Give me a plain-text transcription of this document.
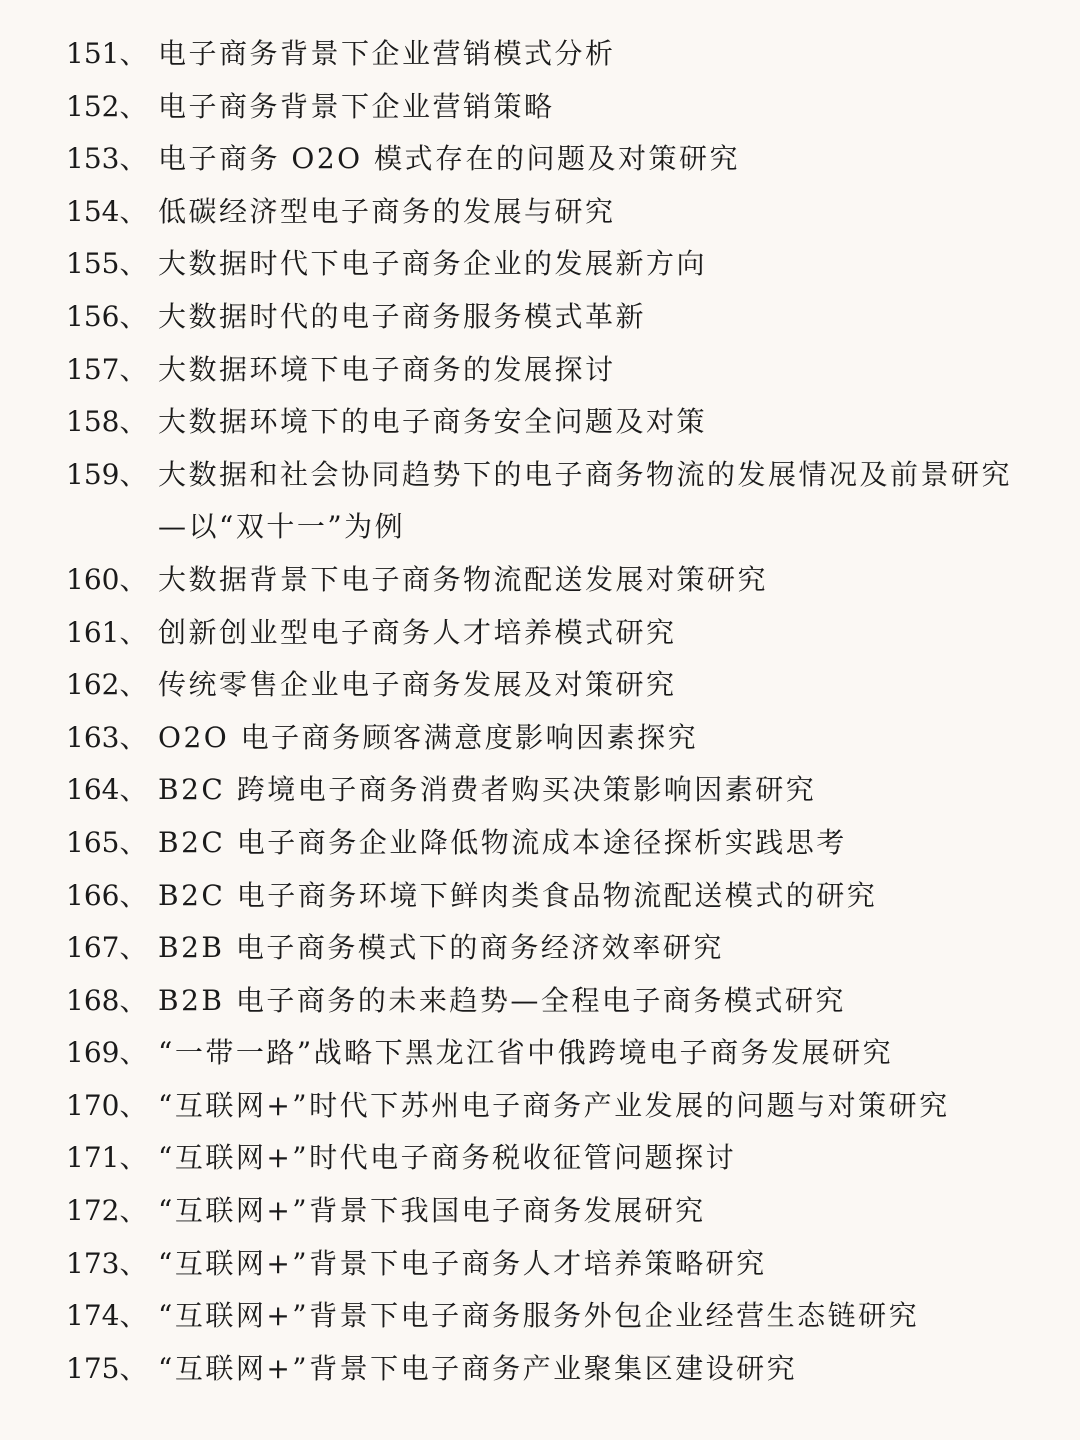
151、 电子商务背景下企业营销模式分析
152、 电子商务背景下企业营销策略
153、 电子商务 O2O 模式存在的问题及对策研究
154、 低碳经济型电子商务的发展与研究
155、 大数据时代下电子商务企业的发展新方向
156、 大数据时代的电子商务服务模式革新
157、 大数据环境下电子商务的发展探讨
158、 大数据环境下的电子商务安全问题及对策
159、 大数据和社会协同趋势下的电子商务物流的发展情况及前景研究—以“双十一”为例
160、 大数据背景下电子商务物流配送发展对策研究
161、 创新创业型电子商务人才培养模式研究
162、 传统零售企业电子商务发展及对策研究
163、 O2O 电子商务顾客满意度影响因素探究
164、 B2C 跨境电子商务消费者购买决策影响因素研究
165、 B2C 电子商务企业降低物流成本途径探析实践思考
166、 B2C 电子商务环境下鲜肉类食品物流配送模式的研究
167、 B2B 电子商务模式下的商务经济效率研究
168、 B2B 电子商务的未来趋势—全程电子商务模式研究
169、 “一带一路”战略下黑龙江省中俄跨境电子商务发展研究
170、 “互联网+”时代下苏州电子商务产业发展的问题与对策研究
171、 “互联网+”时代电子商务税收征管问题探讨
172、 “互联网+”背景下我国电子商务发展研究
173、 “互联网+”背景下电子商务人才培养策略研究
174、 “互联网+”背景下电子商务服务外包企业经营生态链研究
175、 “互联网+”背景下电子商务产业聚集区建设研究
